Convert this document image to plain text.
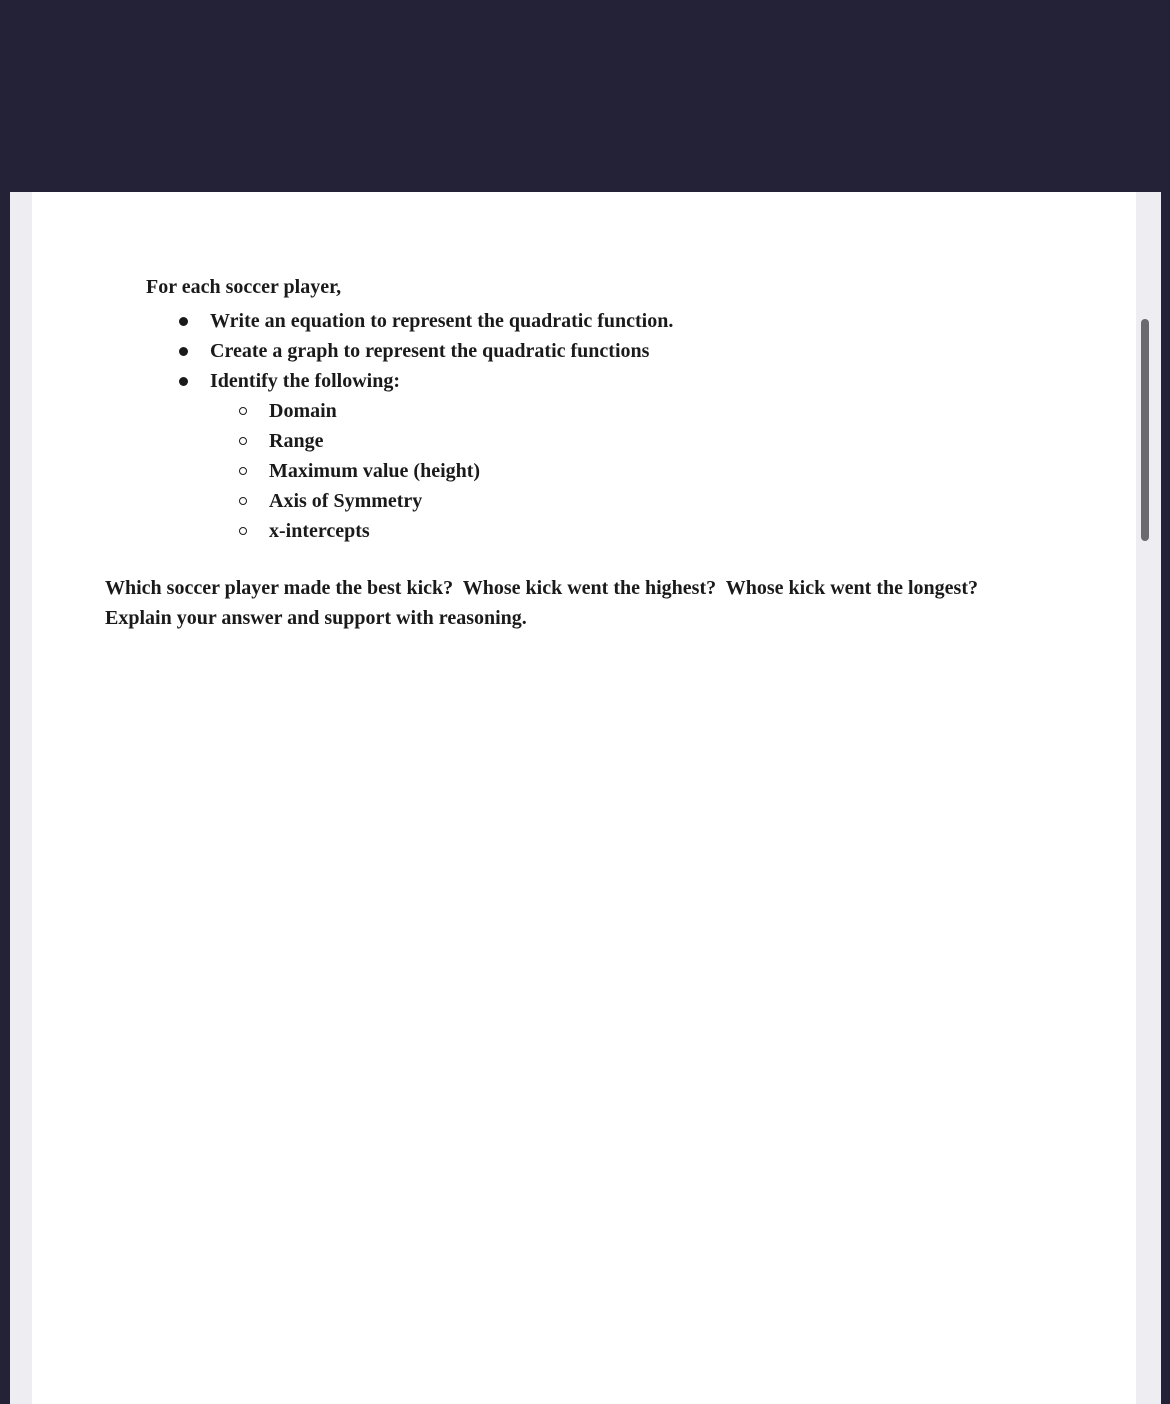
For each soccer player,
Write an equation to represent the quadratic function.
Create a graph to represent the quadratic functions
Identify the following:
Domain
Range
Maximum value (height)
Axis of Symmetry
x-intercepts
Which soccer player made the best kick?  Whose kick went the highest?  Whose kick went the longest?
Explain your answer and support with reasoning.
